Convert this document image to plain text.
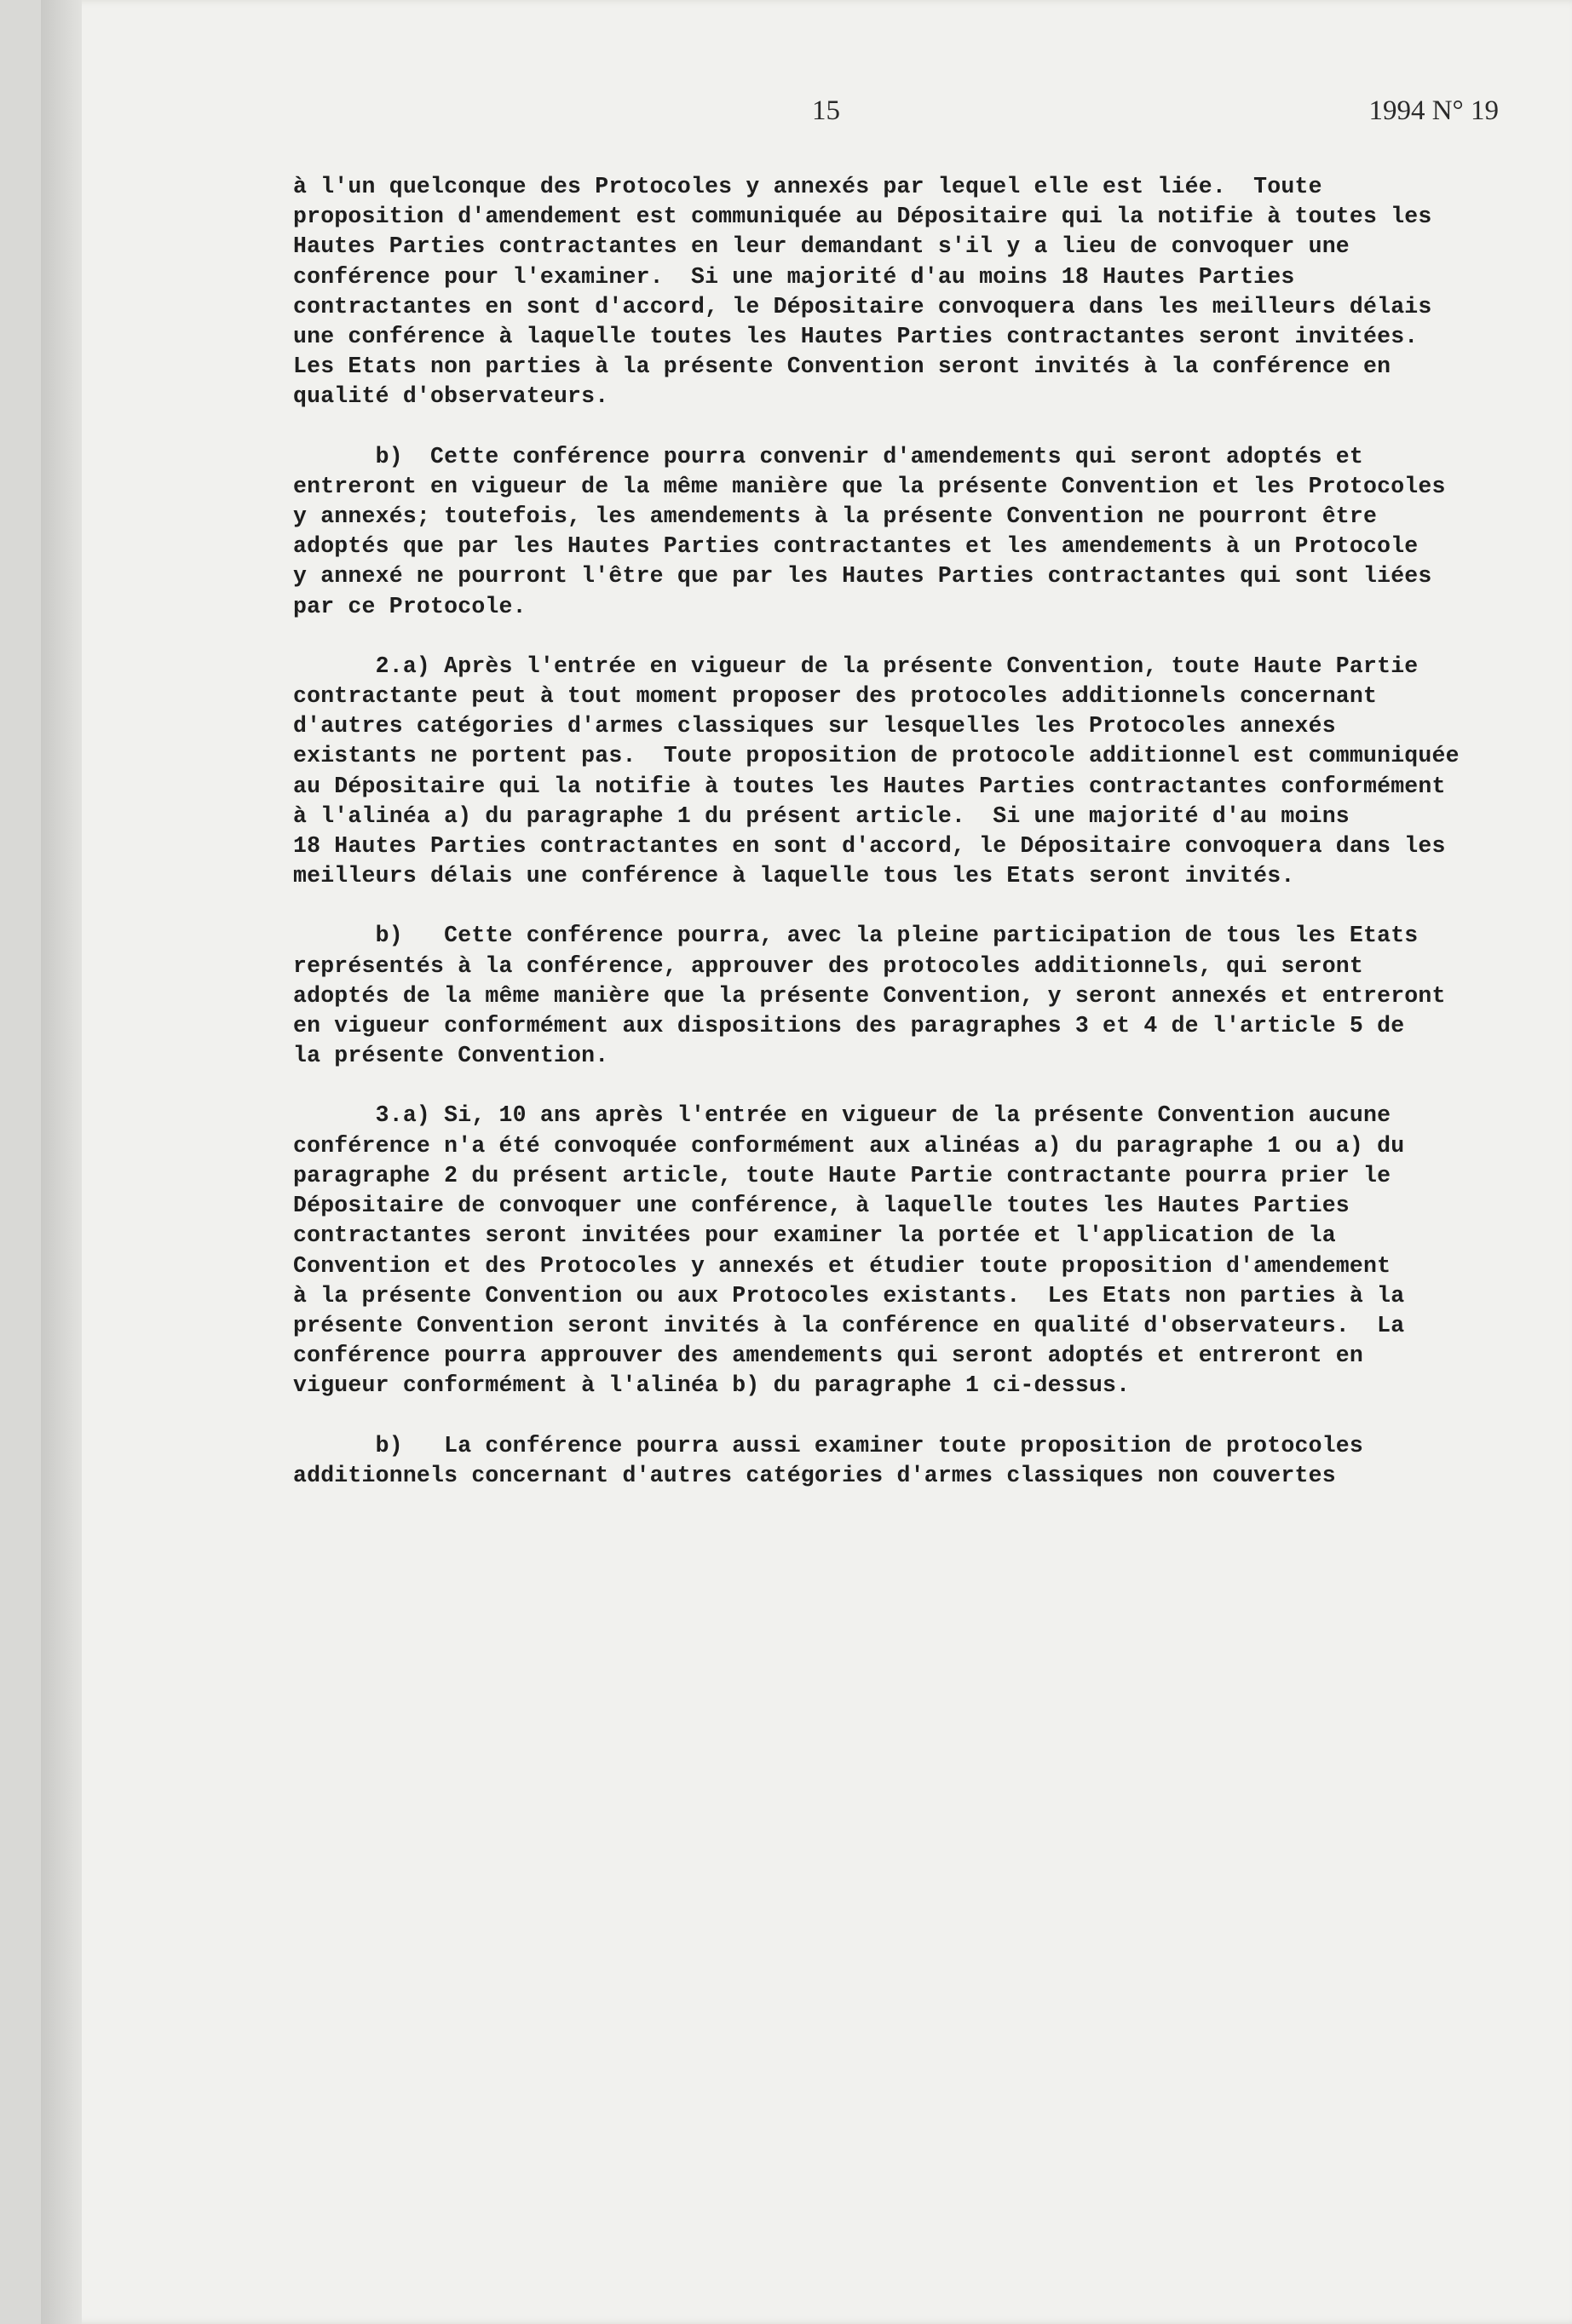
15	1994 N° 19
à l'un quelconque des Protocoles y annexés par lequel elle est liée.  Toute
proposition d'amendement est communiquée au Dépositaire qui la notifie à toutes les
Hautes Parties contractantes en leur demandant s'il y a lieu de convoquer une
conférence pour l'examiner.  Si une majorité d'au moins 18 Hautes Parties
contractantes en sont d'accord, le Dépositaire convoquera dans les meilleurs délais
une conférence à laquelle toutes les Hautes Parties contractantes seront invitées.
Les Etats non parties à la présente Convention seront invités à la conférence en
qualité d'observateurs.
b)  Cette conférence pourra convenir d'amendements qui seront adoptés et
entreront en vigueur de la même manière que la présente Convention et les Protocoles
y annexés; toutefois, les amendements à la présente Convention ne pourront être
adoptés que par les Hautes Parties contractantes et les amendements à un Protocole
y annexé ne pourront l'être que par les Hautes Parties contractantes qui sont liées
par ce Protocole.
2.a) Après l'entrée en vigueur de la présente Convention, toute Haute Partie
contractante peut à tout moment proposer des protocoles additionnels concernant
d'autres catégories d'armes classiques sur lesquelles les Protocoles annexés
existants ne portent pas.  Toute proposition de protocole additionnel est communiquée
au Dépositaire qui la notifie à toutes les Hautes Parties contractantes conformément
à l'alinéa a) du paragraphe 1 du présent article.  Si une majorité d'au moins
18 Hautes Parties contractantes en sont d'accord, le Dépositaire convoquera dans les
meilleurs délais une conférence à laquelle tous les Etats seront invités.
b)   Cette conférence pourra, avec la pleine participation de tous les Etats
représentés à la conférence, approuver des protocoles additionnels, qui seront
adoptés de la même manière que la présente Convention, y seront annexés et entreront
en vigueur conformément aux dispositions des paragraphes 3 et 4 de l'article 5 de
la présente Convention.
3.a) Si, 10 ans après l'entrée en vigueur de la présente Convention aucune
conférence n'a été convoquée conformément aux alinéas a) du paragraphe 1 ou a) du
paragraphe 2 du présent article, toute Haute Partie contractante pourra prier le
Dépositaire de convoquer une conférence, à laquelle toutes les Hautes Parties
contractantes seront invitées pour examiner la portée et l'application de la
Convention et des Protocoles y annexés et étudier toute proposition d'amendement
à la présente Convention ou aux Protocoles existants.  Les Etats non parties à la
présente Convention seront invités à la conférence en qualité d'observateurs.  La
conférence pourra approuver des amendements qui seront adoptés et entreront en
vigueur conformément à l'alinéa b) du paragraphe 1 ci-dessus.
b)   La conférence pourra aussi examiner toute proposition de protocoles
additionnels concernant d'autres catégories d'armes classiques non couvertes
